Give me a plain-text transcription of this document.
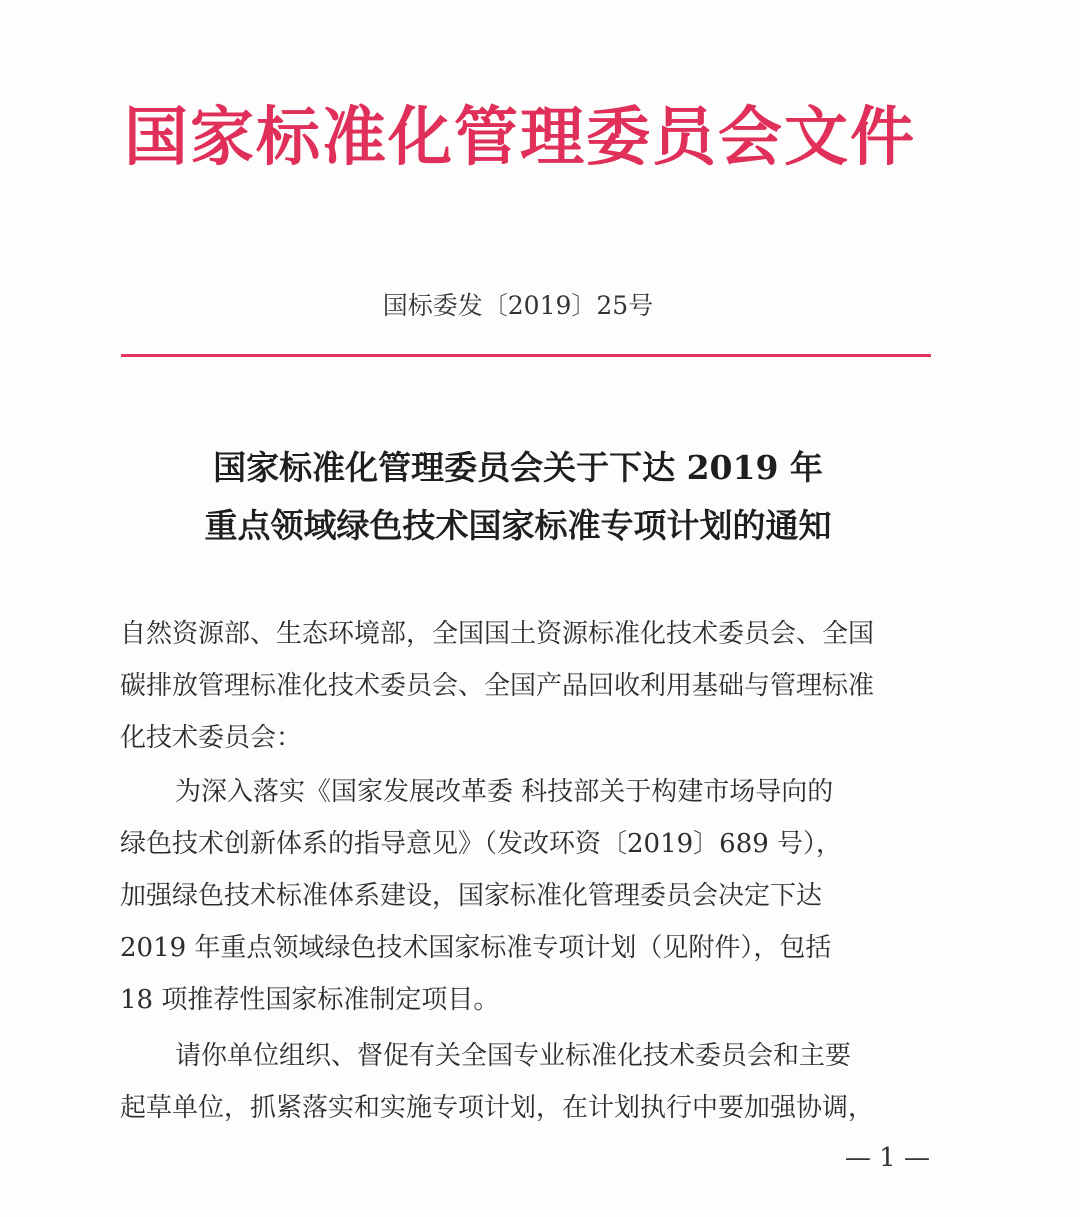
国家标准化管理委员会文件
国标委发〔2019〕25号
国家标准化管理委员会关于下达 2019 年
重点领域绿色技术国家标准专项计划的通知
自然资源部、生态环境部，全国国土资源标准化技术委员会、全国
碳排放管理标准化技术委员会、全国产品回收利用基础与管理标准
化技术委员会：
为深入落实《国家发展改革委 科技部关于构建市场导向的
绿色技术创新体系的指导意见》（发改环资〔2019〕689 号），
加强绿色技术标准体系建设，国家标准化管理委员会决定下达
2019 年重点领域绿色技术国家标准专项计划（见附件），包括
18 项推荐性国家标准制定项目。
请你单位组织、督促有关全国专业标准化技术委员会和主要
起草单位，抓紧落实和实施专项计划，在计划执行中要加强协调，
— 1 —
